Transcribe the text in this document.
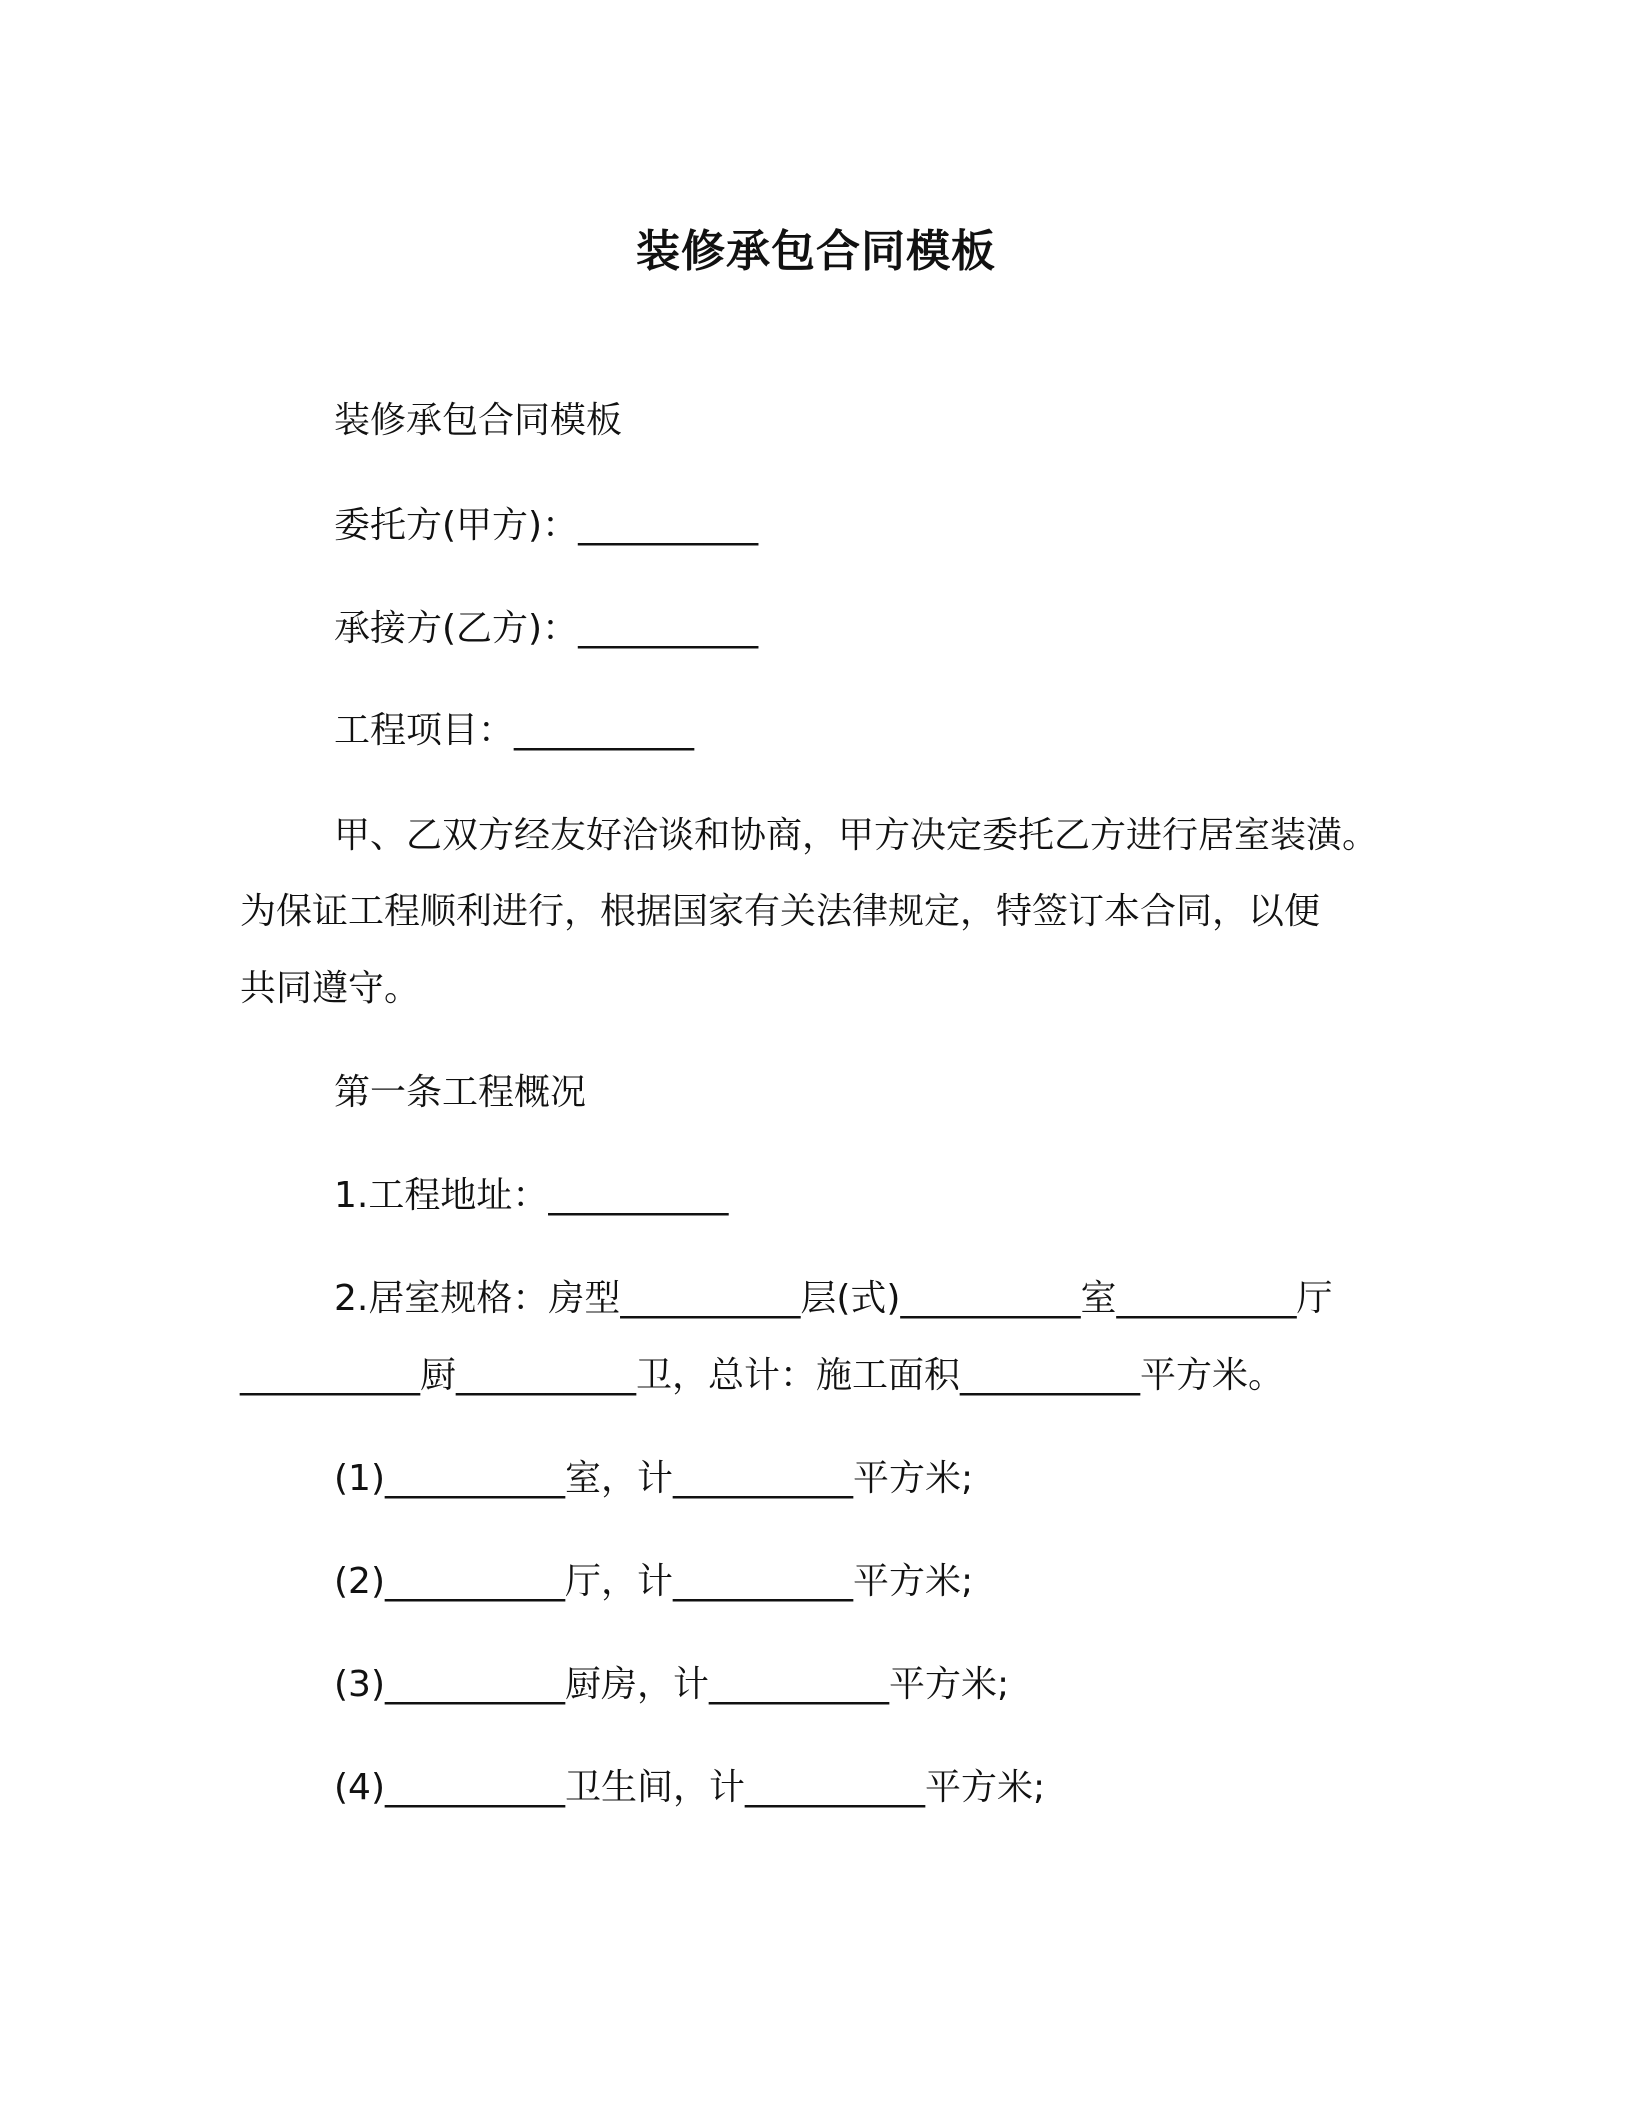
装修承包合同模板
装修承包合同模板
委托方(甲方)：__________
承接方(乙方)：__________
工程项目：__________
甲、乙双方经友好洽谈和协商，甲方决定委托乙方进行居室装潢。
为保证工程顺利进行，根据国家有关法律规定，特签订本合同，以便
共同遵守。
第一条工程概况
1.工程地址：__________
2.居室规格：房型__________层(式)__________室__________厅
__________厨__________卫，总计：施工面积__________平方米。
(1)__________室，计__________平方米;
(2)__________厅，计__________平方米;
(3)__________厨房，计__________平方米;
(4)__________卫生间，计__________平方米;
